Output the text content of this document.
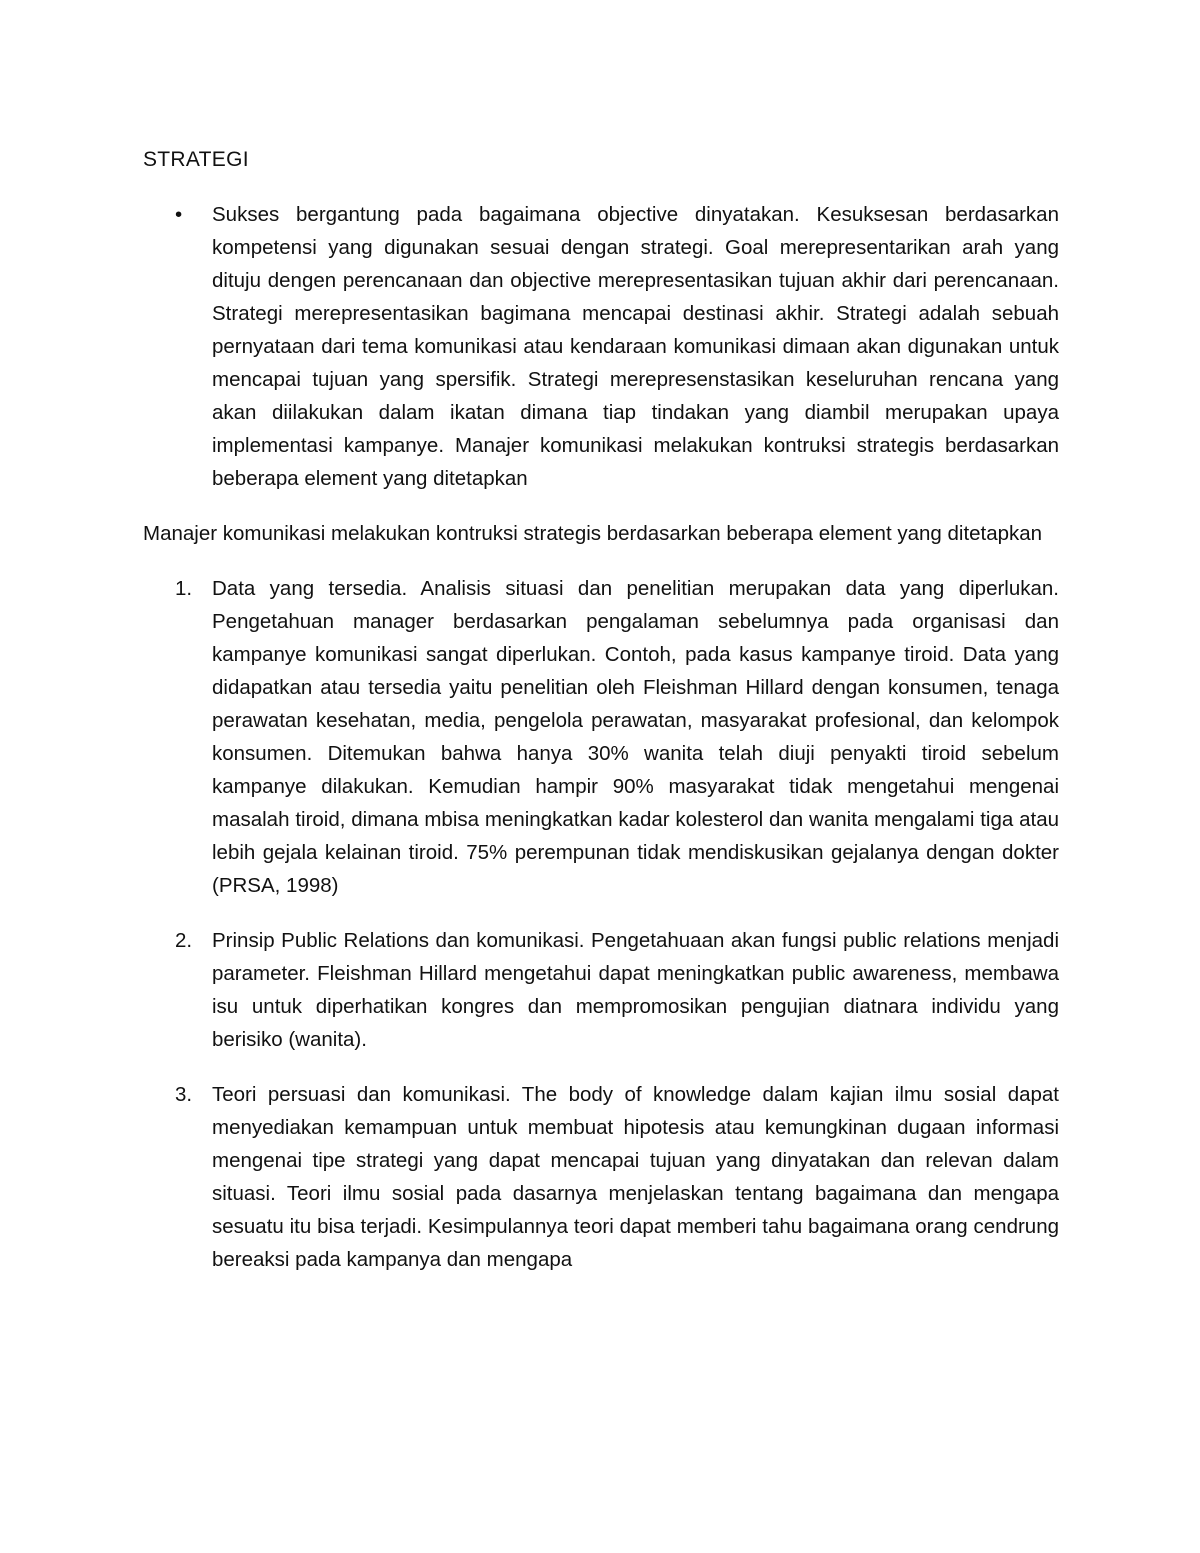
STRATEGI
• Sukses bergantung pada bagaimana objective dinyatakan. Kesuksesan berdasarkan kompetensi yang digunakan sesuai dengan strategi. Goal merepresentarikan arah yang dituju dengen perencanaan dan objective merepresentasikan tujuan akhir dari perencanaan. Strategi merepresentasikan bagimana mencapai destinasi akhir. Strategi adalah sebuah pernyataan dari tema komunikasi atau kendaraan komunikasi dimaan akan digunakan untuk mencapai tujuan yang spersifik. Strategi merepresenstasikan keseluruhan rencana yang akan diilakukan dalam ikatan dimana tiap tindakan yang diambil merupakan upaya implementasi kampanye. Manajer komunikasi melakukan kontruksi strategis berdasarkan beberapa element yang ditetapkan

Manajer komunikasi melakukan kontruksi strategis berdasarkan beberapa element yang ditetapkan

1. Data yang tersedia. Analisis situasi dan penelitian merupakan data yang diperlukan. Pengetahuan manager berdasarkan pengalaman sebelumnya pada organisasi dan kampanye komunikasi sangat diperlukan. Contoh, pada kasus kampanye tiroid. Data yang didapatkan atau tersedia yaitu penelitian oleh Fleishman Hillard dengan konsumen, tenaga perawatan kesehatan, media, pengelola perawatan, masyarakat profesional, dan kelompok konsumen. Ditemukan bahwa hanya 30% wanita telah diuji penyakti tiroid sebelum kampanye dilakukan. Kemudian hampir 90% masyarakat tidak mengetahui mengenai masalah tiroid, dimana mbisa meningkatkan kadar kolesterol dan wanita mengalami tiga atau lebih gejala kelainan tiroid. 75% perempunan tidak mendiskusikan gejalanya dengan dokter (PRSA, 1998)
2. Prinsip Public Relations dan komunikasi. Pengetahuaan akan fungsi public relations menjadi parameter. Fleishman Hillard mengetahui dapat meningkatkan public awareness, membawa isu untuk diperhatikan kongres dan mempromosikan pengujian diatnara individu yang berisiko (wanita).
3. Teori persuasi dan komunikasi. The body of knowledge dalam kajian ilmu sosial dapat menyediakan kemampuan untuk membuat hipotesis atau kemungkinan dugaan informasi mengenai tipe strategi yang dapat mencapai tujuan yang dinyatakan dan relevan dalam situasi. Teori ilmu sosial pada dasarnya menjelaskan tentang bagaimana dan mengapa sesuatu itu bisa terjadi. Kesimpulannya teori dapat memberi tahu bagaimana orang cendrung bereaksi pada kampanya dan mengapa
